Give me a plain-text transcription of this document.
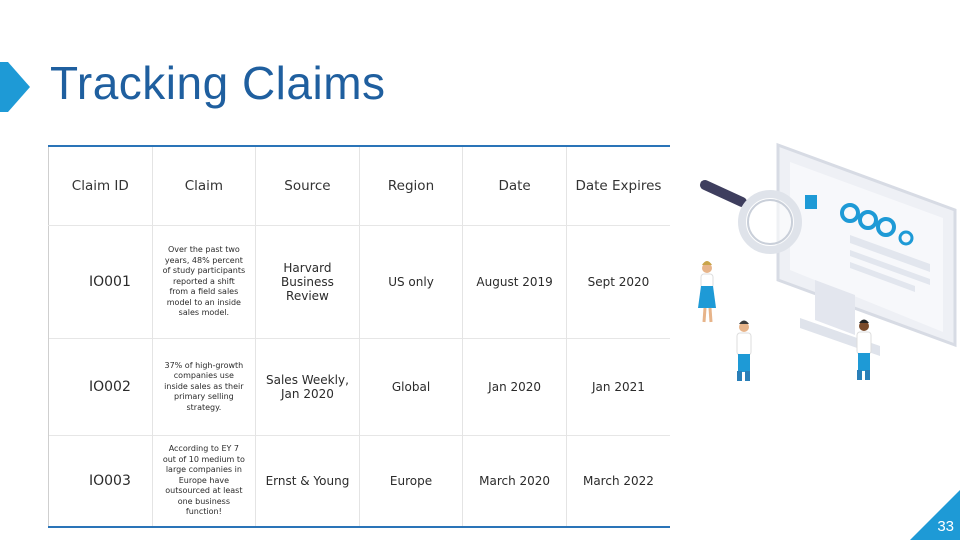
Tracking Claims
Claim ID	Claim	Source	Region	Date	Date Expires
IO001	Over the past two years, 48% percent of study participants reported a shift from a field sales model to an inside sales model.	Harvard Business Review	US only	August 2019	Sept 2020
IO002	37% of high-growth companies use inside sales as their primary selling strategy.	Sales Weekly, Jan 2020	Global	Jan 2020	Jan 2021
IO003	According to EY 7 out of 10 medium to large companies in Europe have outsourced at least one business function!	Ernst & Young	Europe	March 2020	March 2022
33
